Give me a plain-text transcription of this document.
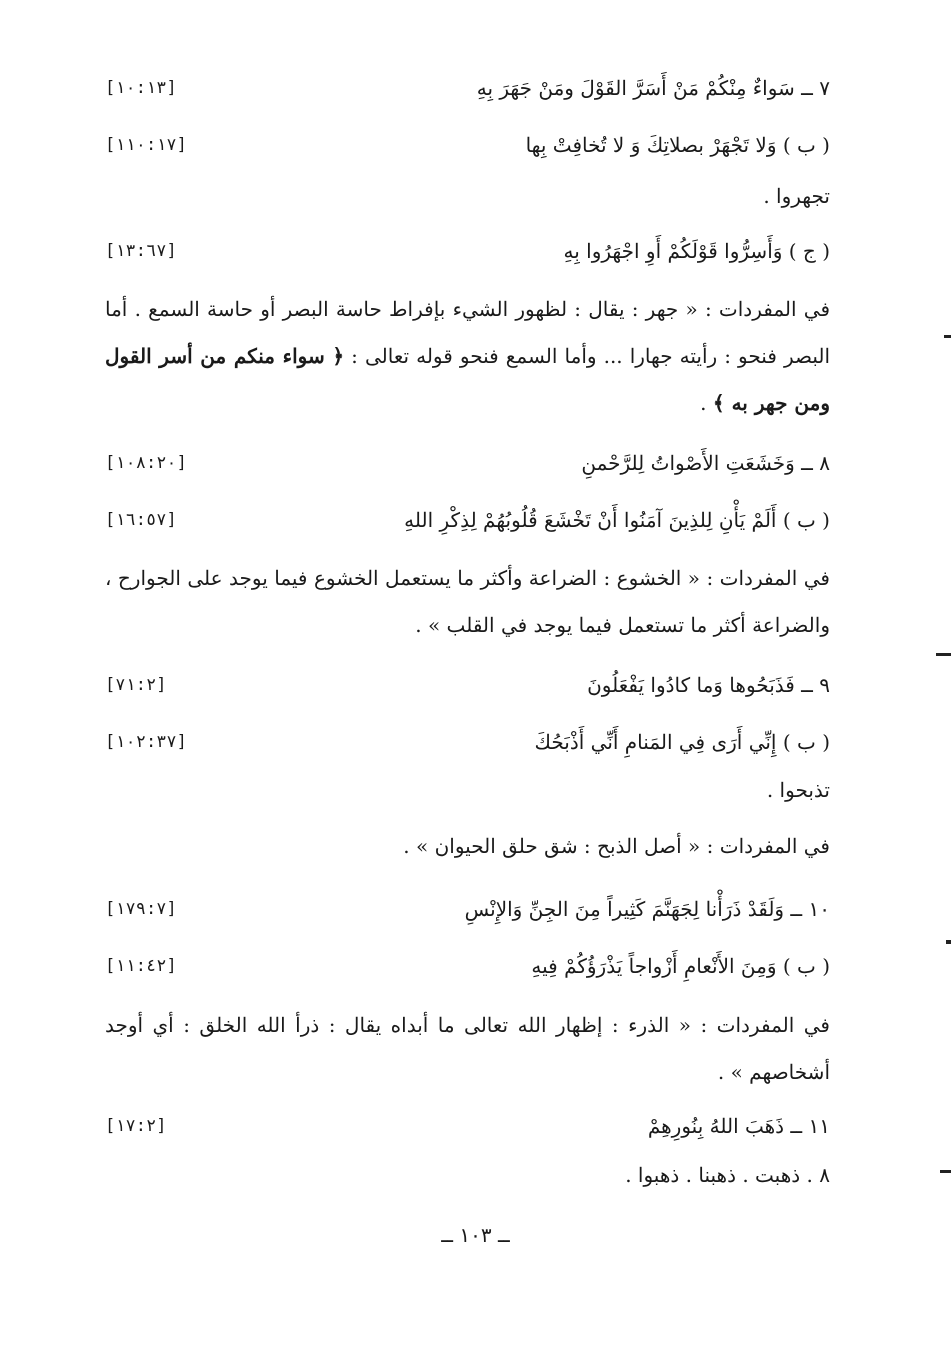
٧ ــ سَواءٌ مِنْكُمْ مَنْ أَسَرَّ القَوْلَ ومَنْ جَهَرَ بِهِ
[١٠:١٣]
( ب ) وَلا تَجْهَرْ بصلاتِكَ وَ لا تُخافِتْ بِها
[١١٠:١٧]
تجهروا .
( ج ) وَأَسِرُّوا قَوْلَكُمْ أَوِ اجْهَرُوا بِهِ
[١٣:٦٧]
في المفردات : « جهر : يقال : لظهور الشيء بإفراط حاسة البصر أو حاسة السمع . أما البصر فنحو : رأيته جهارا ... وأما السمع فنحو قوله تعالى : ﴿ سواء منكم من أسر القول ومن جهر به ﴾ .
٨ ــ وَخَشَعَتِ الأَصْواتُ لِلرَّحْمنِ
[١٠٨:٢٠]
( ب ) أَلَمْ يَأْنِ لِلذِينَ آمَنُوا أَنْ تَخْشَعَ قُلُوبُهُمْ لِذِكْرِ اللهِ
[١٦:٥٧]
في المفردات : « الخشوع : الضراعة وأكثر ما يستعمل الخشوع فيما يوجد على الجوارح ، والضراعة أكثر ما تستعمل فيما يوجد في القلب » .
٩ ــ فَذَبَحُوها وَما كادُوا يَفْعَلُونَ
[٧١:٢]
( ب ) إِنِّي أَرَى فِي المَنامِ أَنِّي أَذْبَحُكَ
[١٠٢:٣٧]
تذبحوا .
في المفردات : « أصل الذبح : شق حلق الحيوان » .
١٠ ــ وَلَقَدْ ذَرَأْنا لِجَهَنَّمَ كَثِيراً مِنَ الجِنِّ وَالإِنْسِ
[١٧٩:٧]
( ب ) وَمِنَ الأَنْعامِ أَزْواجاً يَذْرَؤُكُمْ فِيهِ
[١١:٤٢]
في المفردات : « الذرء : إظهار الله تعالى ما أبداه يقال : ذرأ الله الخلق : أي أوجد أشخاصهم » .
١١ ــ ذَهَبَ اللهُ بِنُورِهِمْ
[١٧:٢]
٨ . ذهبت . ذهبنا . ذهبوا .
ــ ١٠٣ ــ
